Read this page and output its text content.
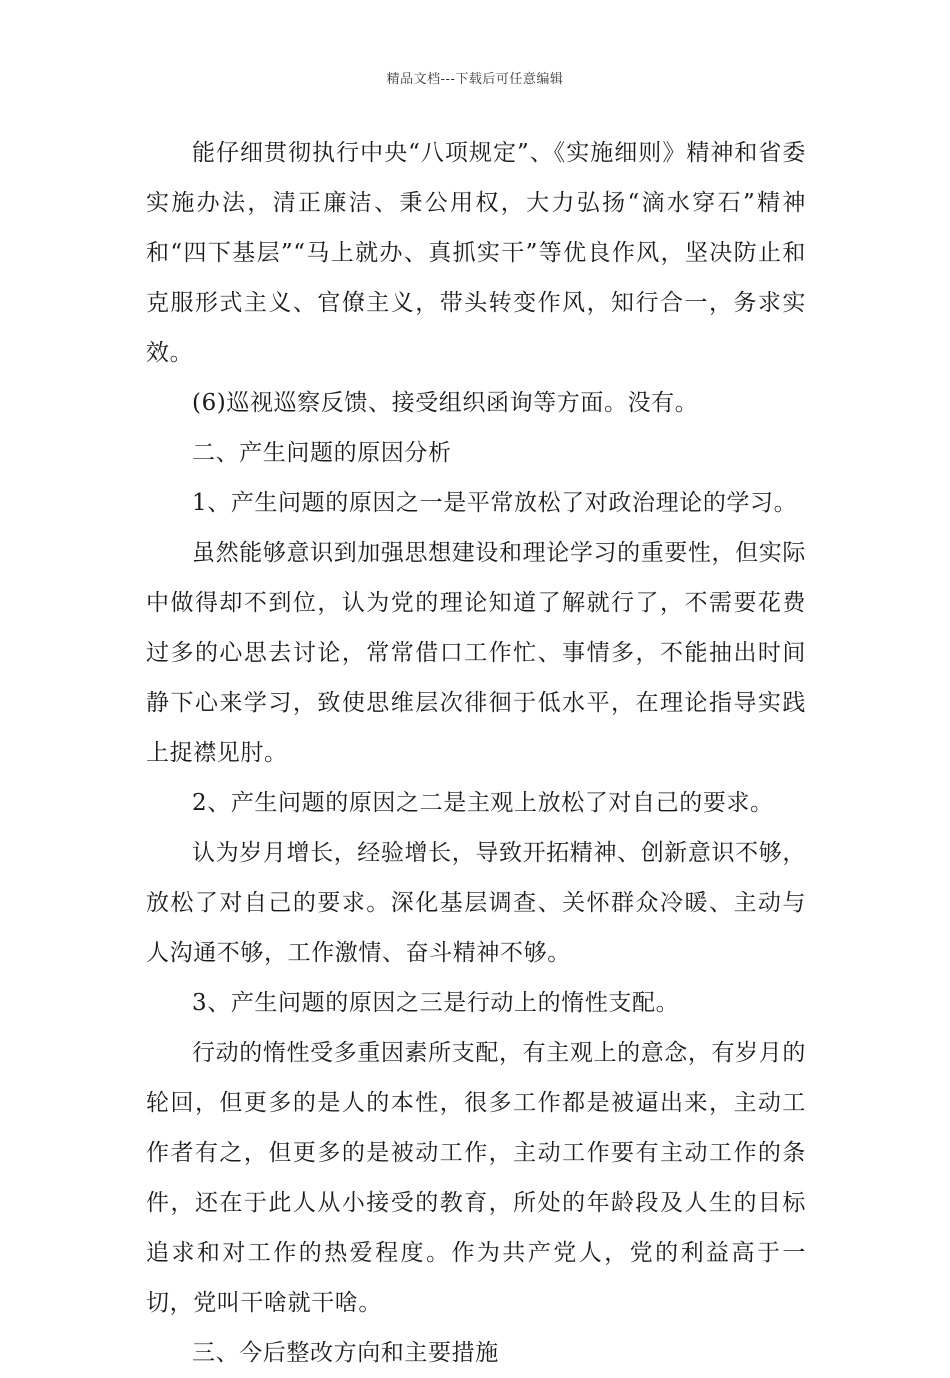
精品文档---下载后可任意编辑

能仔细贯彻执行中央“八项规定”、《实施细则》精神和省委实施办法，清正廉洁、秉公用权，大力弘扬“滴水穿石”精神和“四下基层”“马上就办、真抓实干”等优良作风，坚决防止和克服形式主义、官僚主义，带头转变作风，知行合一，务求实效。

(6)巡视巡察反馈、接受组织函询等方面。没有。

二、产生问题的原因分析

1、产生问题的原因之一是平常放松了对政治理论的学习。

虽然能够意识到加强思想建设和理论学习的重要性，但实际中做得却不到位，认为党的理论知道了解就行了，不需要花费过多的心思去讨论，常常借口工作忙、事情多，不能抽出时间静下心来学习，致使思维层次徘徊于低水平，在理论指导实践上捉襟见肘。

2、产生问题的原因之二是主观上放松了对自己的要求。

认为岁月增长，经验增长，导致开拓精神、创新意识不够，放松了对自己的要求。深化基层调查、关怀群众冷暖、主动与人沟通不够，工作激情、奋斗精神不够。

3、产生问题的原因之三是行动上的惰性支配。

行动的惰性受多重因素所支配，有主观上的意念，有岁月的轮回，但更多的是人的本性，很多工作都是被逼出来，主动工作者有之，但更多的是被动工作，主动工作要有主动工作的条件，还在于此人从小接受的教育，所处的年龄段及人生的目标追求和对工作的热爱程度。作为共产党人，党的利益高于一切，党叫干啥就干啥。

三、今后整改方向和主要措施
